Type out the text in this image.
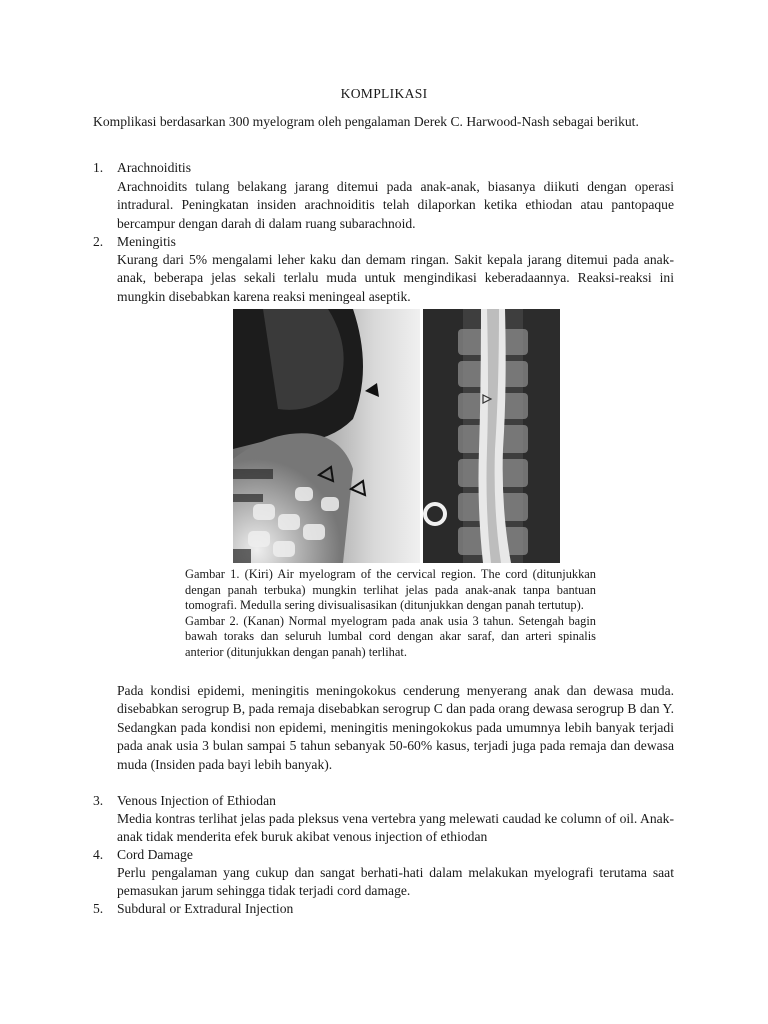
KOMPLIKASI
Komplikasi berdasarkan 300 myelogram oleh pengalaman Derek C. Harwood-Nash sebagai berikut.
1. Arachnoiditis
Arachnoidits tulang belakang jarang ditemui pada anak-anak, biasanya diikuti dengan operasi intradural. Peningkatan insiden arachnoiditis telah dilaporkan ketika ethiodan atau pantopaque bercampur dengan darah di dalam ruang subarachnoid.
2. Meningitis
Kurang dari 5% mengalami leher kaku dan demam ringan. Sakit kepala jarang ditemui pada anak-anak, beberapa jelas sekali terlalu muda untuk mengindikasi keberadaannya. Reaksi-reaksi ini mungkin disebabkan karena reaksi meningeal aseptik.

Gambar 1. (Kiri) Air myelogram of the cervical region. The cord (ditunjukkan dengan panah terbuka) mungkin terlihat jelas pada anak-anak tanpa bantuan tomografi. Medulla sering divisualisasikan (ditunjukkan dengan panah tertutup).

Gambar 2. (Kanan) Normal myelogram pada anak usia 3 tahun. Setengah bagin bawah toraks dan seluruh lumbal cord dengan akar saraf, dan arteri spinalis anterior (ditunjukkan dengan panah) terlihat.

Pada kondisi epidemi, meningitis meningokokus cenderung menyerang anak dan dewasa muda. disebabkan serogrup B, pada remaja disebabkan serogrup C dan pada orang dewasa serogrup B dan Y. Sedangkan pada kondisi non epidemi, meningitis meningokokus pada umumnya lebih banyak terjadi pada anak usia 3 bulan sampai 5 tahun sebanyak 50-60% kasus, terjadi juga pada remaja dan dewasa muda (Insiden pada bayi lebih banyak).
3. Venous Injection of Ethiodan
Media kontras terlihat jelas pada pleksus vena vertebra yang melewati caudad ke column of oil. Anak-anak tidak menderita efek buruk akibat venous injection of ethiodan
4. Cord Damage
Perlu pengalaman yang cukup dan sangat berhati-hati dalam melakukan myelografi terutama saat pemasukan jarum sehingga tidak terjadi cord damage.
5. Subdural or Extradural Injection
